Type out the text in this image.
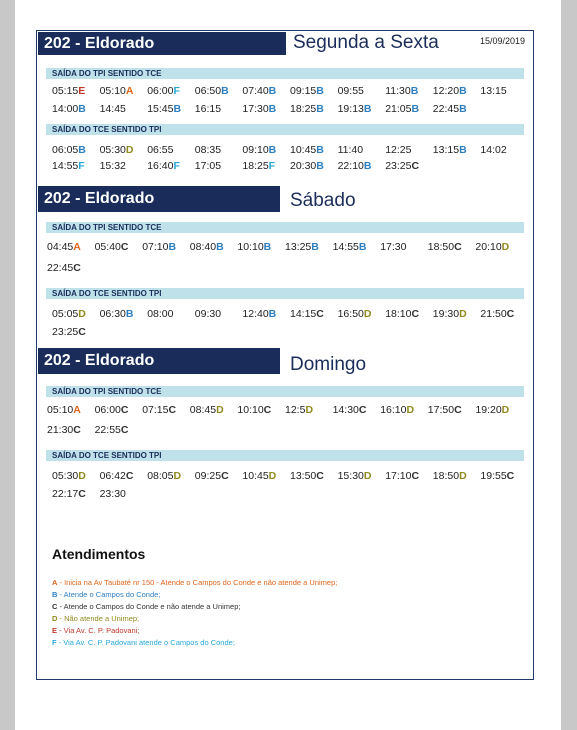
15/09/2019
202 - Eldorado	Segunda a Sexta
SAÍDA DO TPI SENTIDO TCE
05:15E 05:10A 06:00F 06:50B 07:40B 09:15B 09:55 11:30B 12:20B 13:15
14:00B 14:45 15:45B 16:15 17:30B 18:25B 19:13B 21:05B 22:45B
SAÍDA DO TCE SENTIDO TPI
06:05B 05:30D 06:55 08:35 09:10B 10:45B 11:40 12:25 13:15B 14:02
14:55F 15:32 16:40F 17:05 18:25F 20:30B 22:10B 23:25C
202 - Eldorado	Sábado
SAÍDA DO TPI SENTIDO TCE
04:45A 05:40C 07:10B 08:40B 10:10B 13:25B 14:55B 17:30 18:50C 20:10D
22:45C
SAÍDA DO TCE SENTIDO TPI
05:05D 06:30B 08:00 09:30 12:40B 14:15C 16:50D 18:10C 19:30D 21:50C
23:25C
202 - Eldorado	Domingo
SAÍDA DO TPI SENTIDO TCE
05:10A 06:00C 07:15C 08:45D 10:10C 12:5D 14:30C 16:10D 17:50C 19:20D
21:30C 22:55C
SAÍDA DO TCE SENTIDO TPI
05:30D 06:42C 08:05D 09:25C 10:45D 13:50C 15:30D 17:10C 18:50D 19:55C
22:17C 23:30
Atendimentos
A - Inicia na Av Taubaté nr 150 - Atende o Campos do Conde e não atende a Unimep;
B - Atende o Campos do Conde;
C - Atende o Campos do Conde e não atende a Unimep;
D - Não atende a Unimep;
E - Via Av. C. P. Padovani;
F - Via Av. C. P. Padovani atende o Campos do Conde;
